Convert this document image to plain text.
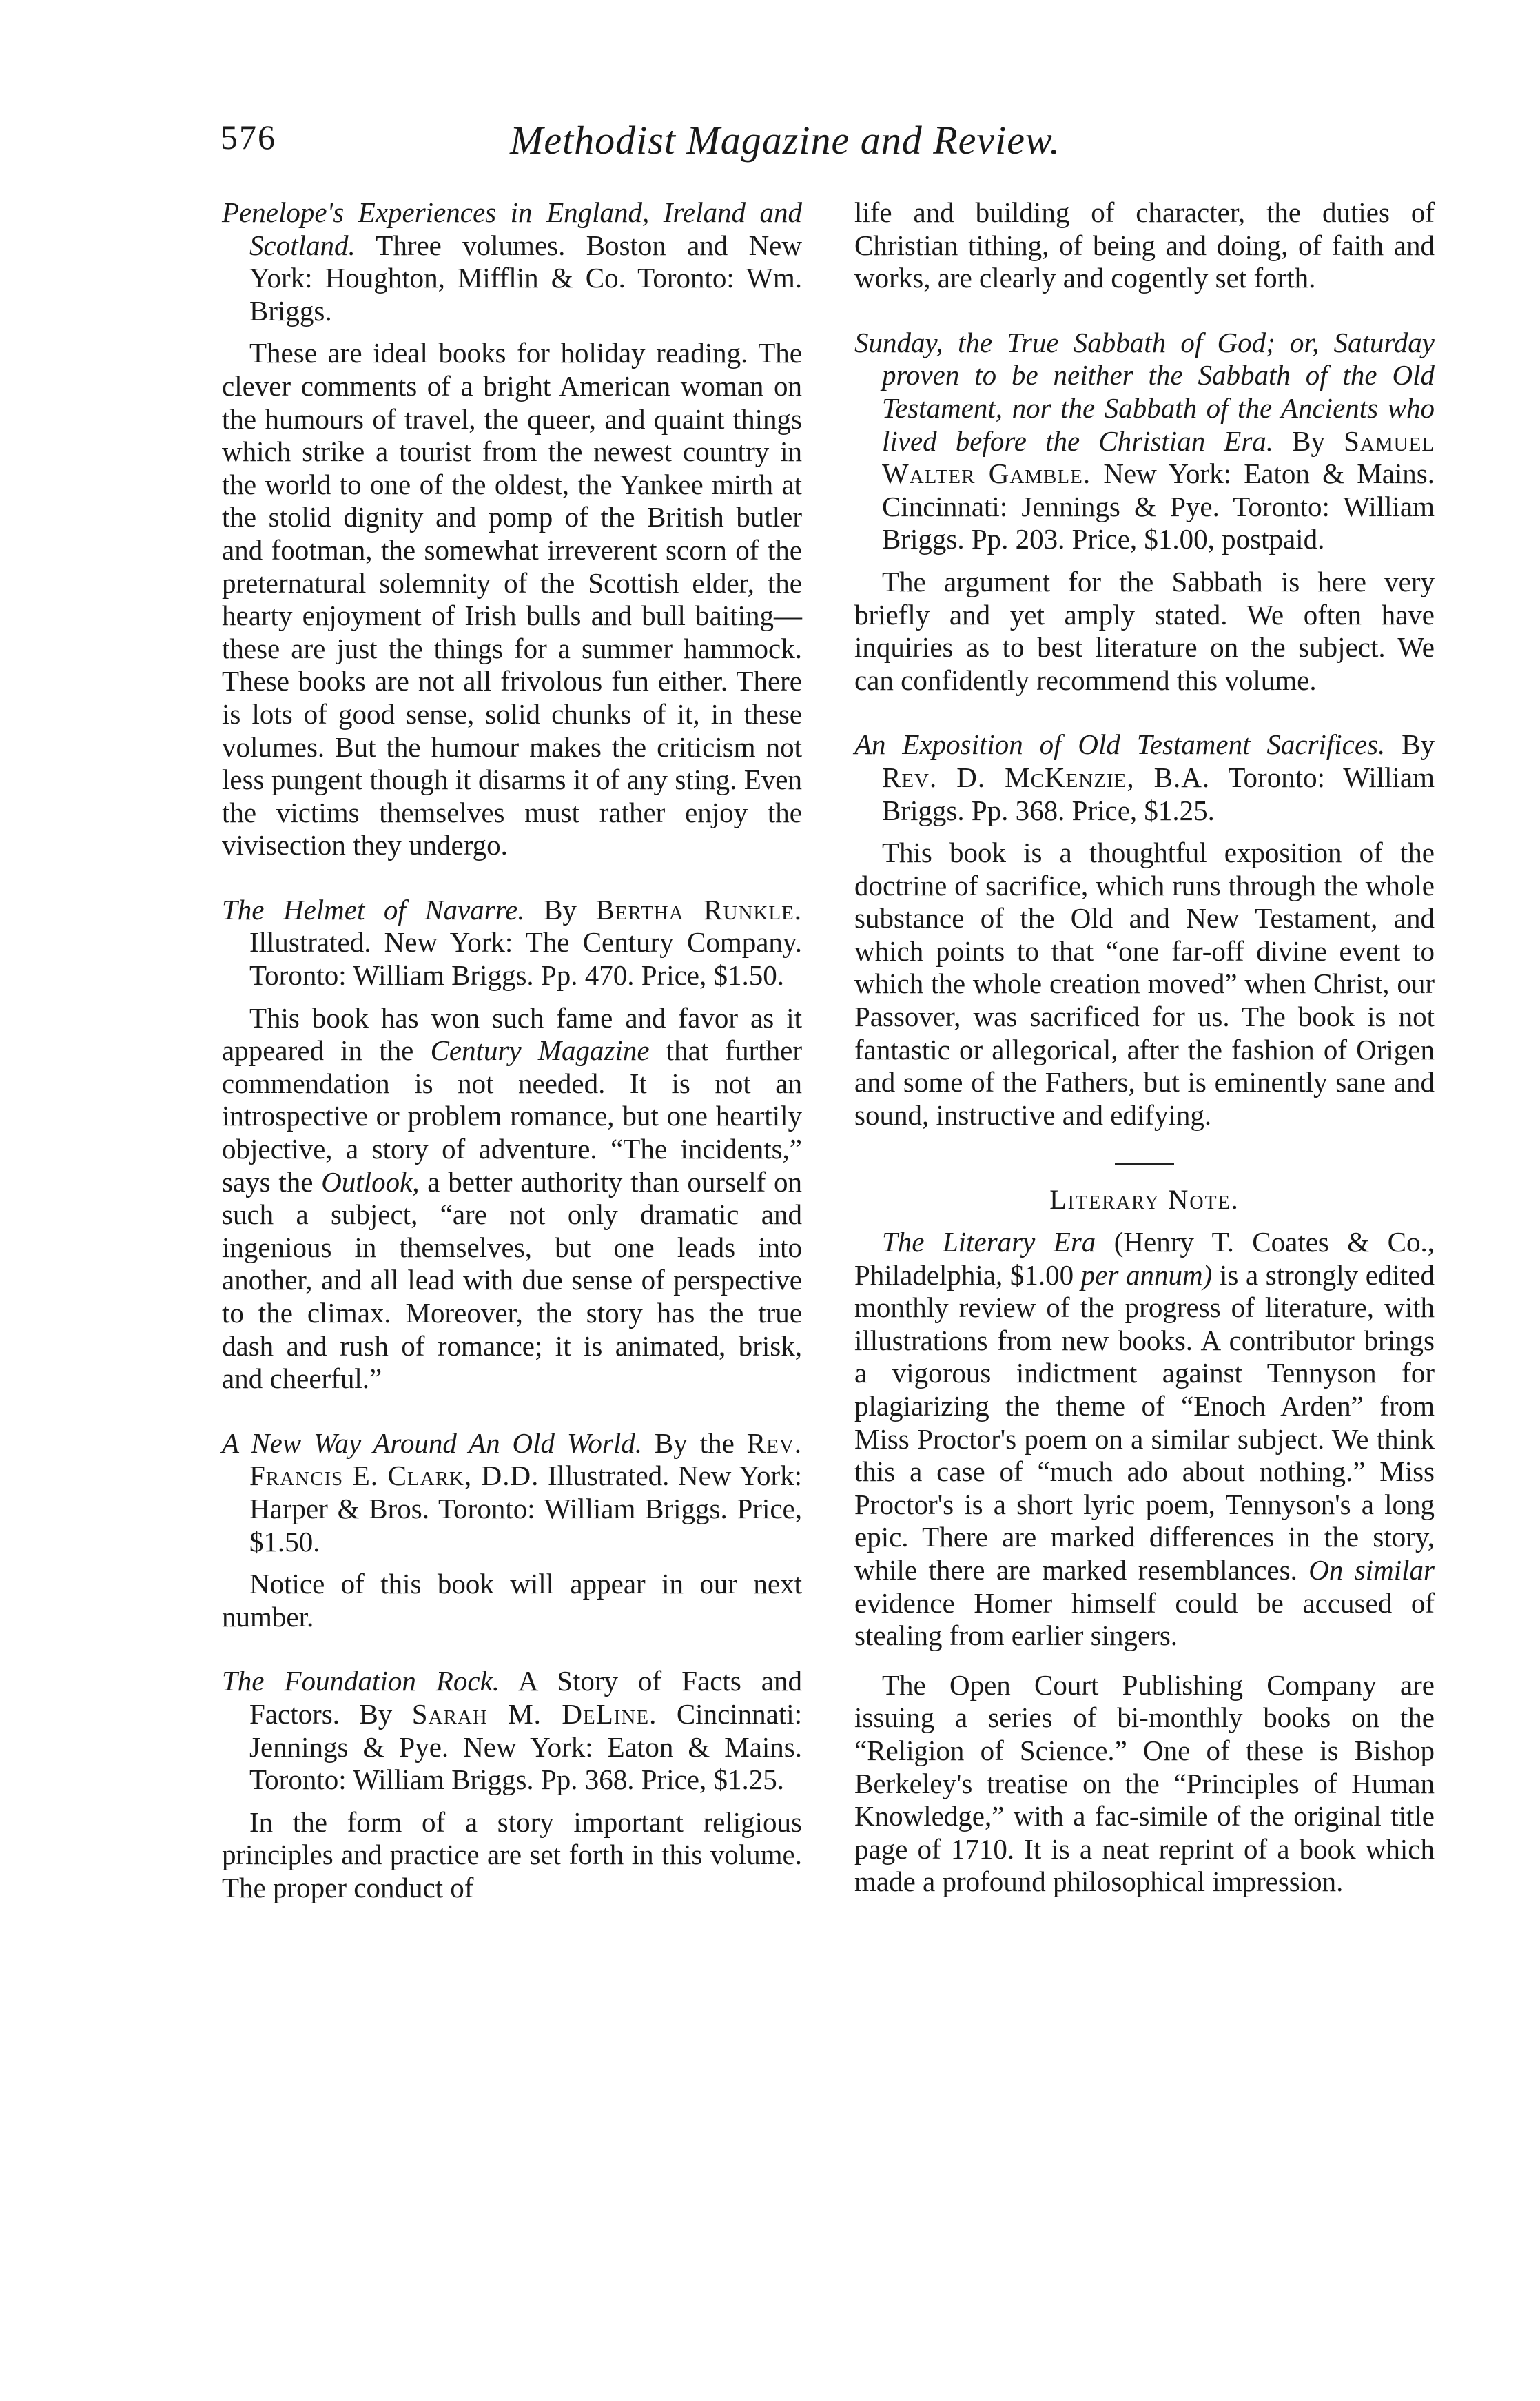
576	Methodist Magazine and Review.

Penelope's Experiences in England, Ireland and Scotland. Three volumes. Boston and New York: Houghton, Mifflin & Co. Toronto: Wm. Briggs.

These are ideal books for holiday reading. The clever comments of a bright American woman on the humours of travel, the queer, and quaint things which strike a tourist from the newest country in the world to one of the oldest, the Yankee mirth at the stolid dignity and pomp of the British butler and footman, the somewhat irreverent scorn of the preternatural solemnity of the Scottish elder, the hearty enjoyment of Irish bulls and bull baiting—these are just the things for a summer hammock. These books are not all frivolous fun either. There is lots of good sense, solid chunks of it, in these volumes. But the humour makes the criticism not less pungent though it disarms it of any sting. Even the victims themselves must rather enjoy the vivisection they undergo.

The Helmet of Navarre. By Bertha Runkle. Illustrated. New York: The Century Company. Toronto: William Briggs. Pp. 470. Price, $1.50.

This book has won such fame and favor as it appeared in the Century Magazine that further commendation is not needed. It is not an introspective or problem romance, but one heartily objective, a story of adventure. “The incidents,” says the Outlook, a better authority than ourself on such a subject, “are not only dramatic and ingenious in themselves, but one leads into another, and all lead with due sense of perspective to the climax. Moreover, the story has the true dash and rush of romance; it is animated, brisk, and cheerful.”

A New Way Around An Old World. By the Rev. Francis E. Clark, D.D. Illustrated. New York: Harper & Bros. Toronto: William Briggs. Price, $1.50.

Notice of this book will appear in our next number.

The Foundation Rock. A Story of Facts and Factors. By Sarah M. DeLine. Cincinnati: Jennings & Pye. New York: Eaton & Mains. Toronto: William Briggs. Pp. 368. Price, $1.25.

In the form of a story important religious principles and practice are set forth in this volume. The proper conduct of

life and building of character, the duties of Christian tithing, of being and doing, of faith and works, are clearly and cogently set forth.

Sunday, the True Sabbath of God; or, Saturday proven to be neither the Sabbath of the Old Testament, nor the Sabbath of the Ancients who lived before the Christian Era. By Samuel Walter Gamble. New York: Eaton & Mains. Cincinnati: Jennings & Pye. Toronto: William Briggs. Pp. 203. Price, $1.00, postpaid.

The argument for the Sabbath is here very briefly and yet amply stated. We often have inquiries as to best literature on the subject. We can confidently recommend this volume.

An Exposition of Old Testament Sacrifices. By Rev. D. McKenzie, B.A. Toronto: William Briggs. Pp. 368. Price, $1.25.

This book is a thoughtful exposition of the doctrine of sacrifice, which runs through the whole substance of the Old and New Testament, and which points to that “one far-off divine event to which the whole creation moved” when Christ, our Passover, was sacrificed for us. The book is not fantastic or allegorical, after the fashion of Origen and some of the Fathers, but is eminently sane and sound, instructive and edifying.

Literary Note.

The Literary Era (Henry T. Coates & Co., Philadelphia, $1.00 per annum) is a strongly edited monthly review of the progress of literature, with illustrations from new books. A contributor brings a vigorous indictment against Tennyson for plagiarizing the theme of “Enoch Arden” from Miss Proctor's poem on a similar subject. We think this a case of “much ado about nothing.” Miss Proctor's is a short lyric poem, Tennyson's a long epic. There are marked differences in the story, while there are marked resemblances. On similar evidence Homer himself could be accused of stealing from earlier singers.

The Open Court Publishing Company are issuing a series of bi-monthly books on the “Religion of Science.” One of these is Bishop Berkeley's treatise on the “Principles of Human Knowledge,” with a fac-simile of the original title page of 1710. It is a neat reprint of a book which made a profound philosophical impression.
